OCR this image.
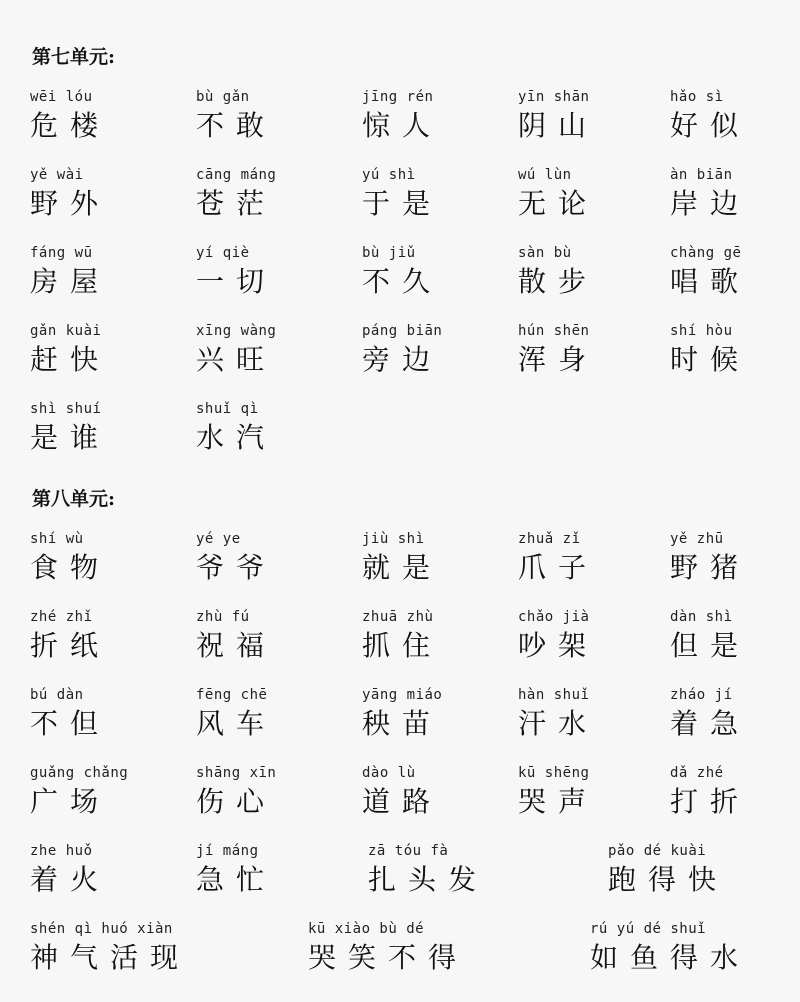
第七单元:
第八单元:
wēi lóu
危楼
bù gǎn
不敢
jīng rén
惊人
yīn shān
阴山
hǎo sì
好似
yě wài
野外
cāng máng
苍茫
yú shì
于是
wú lùn
无论
àn biān
岸边
fáng wū
房屋
yí qiè
一切
bù jiǔ
不久
sàn bù
散步
chàng gē
唱歌
gǎn kuài
赶快
xīng wàng
兴旺
páng biān
旁边
hún shēn
浑身
shí hòu
时候
shì shuí
是谁
shuǐ qì
水汽
shí wù
食物
yé ye
爷爷
jiù shì
就是
zhuǎ zǐ
爪子
yě zhū
野猪
zhé zhǐ
折纸
zhù fú
祝福
zhuā zhù
抓住
chǎo jià
吵架
dàn shì
但是
bú dàn
不但
fēng chē
风车
yāng miáo
秧苗
hàn shuǐ
汗水
zháo jí
着急
guǎng chǎng
广场
shāng xīn
伤心
dào lù
道路
kū shēng
哭声
dǎ zhé
打折
zhe huǒ
着火
jí máng
急忙
zā tóu fà
扎头发
pǎo dé kuài
跑得快
shén qì huó xiàn
神气活现
kū xiào bù dé
哭笑不得
rú yú dé shuǐ
如鱼得水
